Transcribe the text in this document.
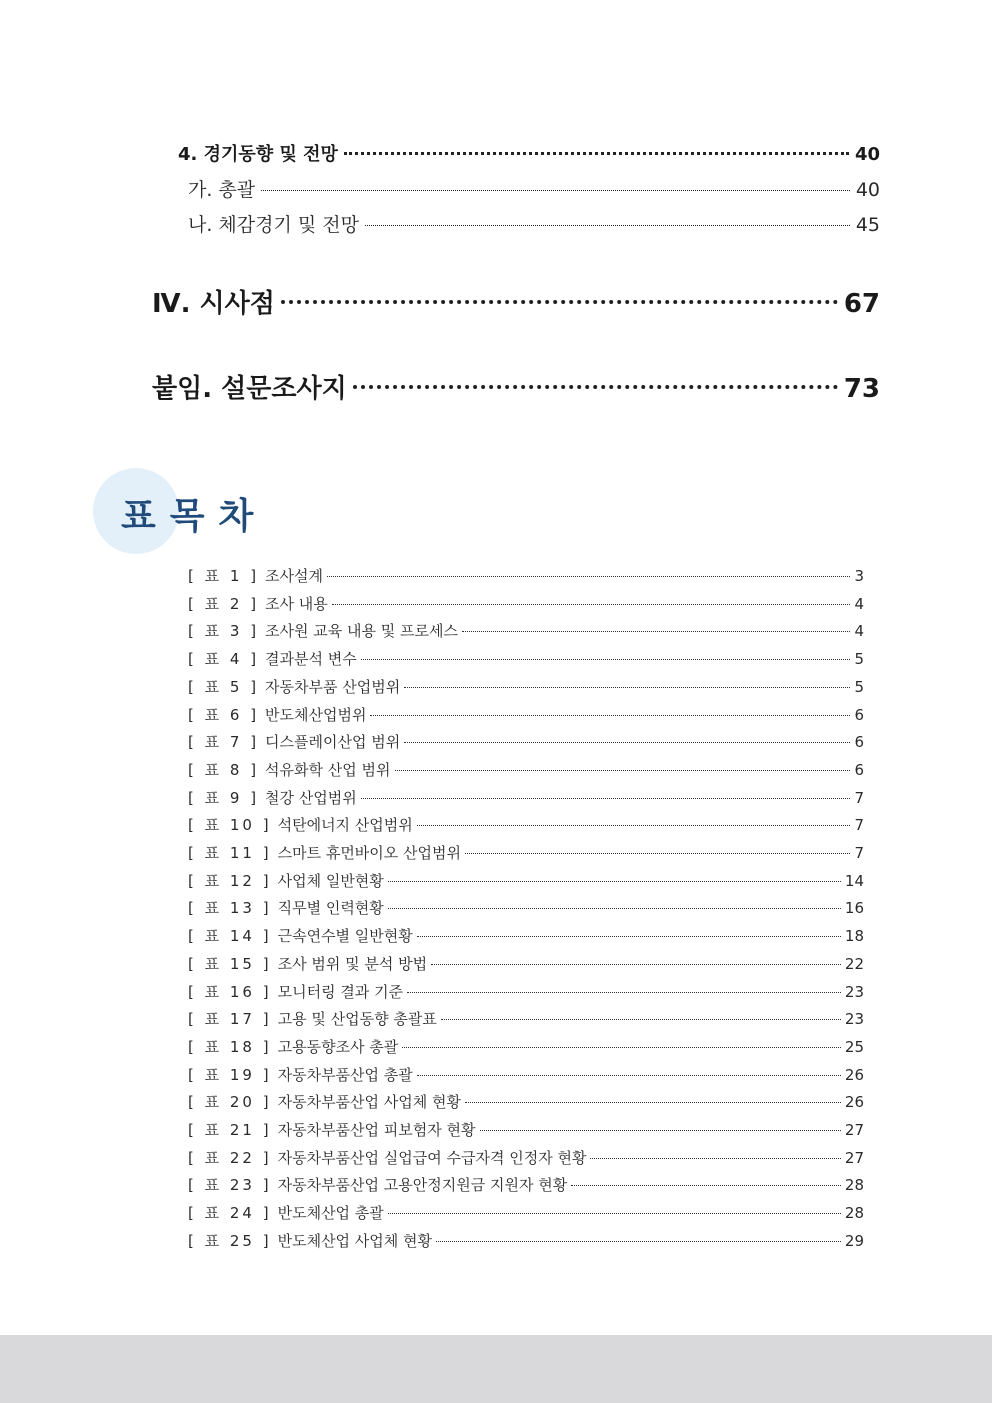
4. 경기동향 및 전망	40
가. 총괄	40
나. 체감경기 및 전망	45
Ⅳ. 시사점	67
붙임. 설문조사지	73
표목차
[ 표 1 ] 조사설계	3
[ 표 2 ] 조사 내용	4
[ 표 3 ] 조사원 교육 내용 및 프로세스	4
[ 표 4 ] 결과분석 변수	5
[ 표 5 ] 자동차부품 산업범위	5
[ 표 6 ] 반도체산업범위	6
[ 표 7 ] 디스플레이산업 범위	6
[ 표 8 ] 석유화학 산업 범위	6
[ 표 9 ] 철강 산업범위	7
[ 표 10 ] 석탄에너지 산업범위	7
[ 표 11 ] 스마트 휴먼바이오 산업범위	7
[ 표 12 ] 사업체 일반현황	14
[ 표 13 ] 직무별 인력현황	16
[ 표 14 ] 근속연수별 일반현황	18
[ 표 15 ] 조사 범위 및 분석 방법	22
[ 표 16 ] 모니터링 결과 기준	23
[ 표 17 ] 고용 및 산업동향 총괄표	23
[ 표 18 ] 고용동향조사 총괄	25
[ 표 19 ] 자동차부품산업 총괄	26
[ 표 20 ] 자동차부품산업 사업체 현황	26
[ 표 21 ] 자동차부품산업 피보험자 현황	27
[ 표 22 ] 자동차부품산업 실업급여 수급자격 인정자 현황	27
[ 표 23 ] 자동차부품산업 고용안정지원금 지원자 현황	28
[ 표 24 ] 반도체산업 총괄	28
[ 표 25 ] 반도체산업 사업체 현황	29
